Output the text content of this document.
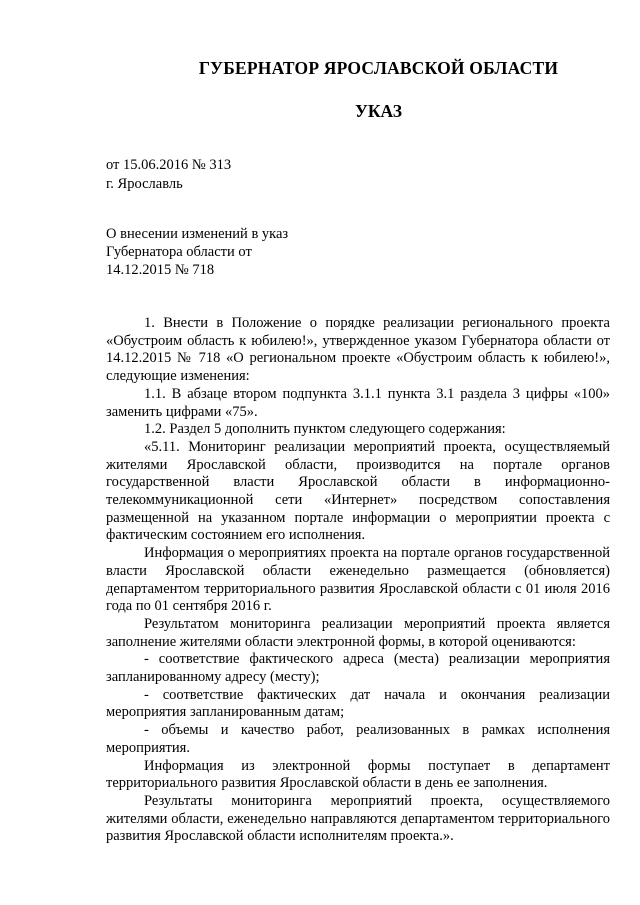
ГУБЕРНАТОР ЯРОСЛАВСКОЙ ОБЛАСТИ
УКАЗ
от 15.06.2016 № 313
г. Ярославль
О внесении изменений в указ
Губернатора области от
14.12.2015 № 718

1. Внести в Положение о порядке реализации регионального проекта «Обустроим область к юбилею!», утвержденное указом Губернатора области от 14.12.2015 № 718 «О региональном проекте «Обустроим область к юбилею!», следующие изменения:

1.1. В абзаце втором подпункта 3.1.1 пункта 3.1 раздела 3 цифры «100» заменить цифрами «75».

1.2. Раздел 5 дополнить пунктом следующего содержания:

«5.11. Мониторинг реализации мероприятий проекта, осуществляемый жителями Ярославской области, производится на портале органов государственной власти Ярославской области в информационно-телекоммуникационной сети «Интернет» посредством сопоставления размещенной на указанном портале информации о мероприятии проекта с фактическим состоянием его исполнения.

Информация о мероприятиях проекта на портале органов государственной власти Ярославской области еженедельно размещается (обновляется) департаментом территориального развития Ярославской области с 01 июля 2016 года по 01 сентября 2016 г.

Результатом мониторинга реализации мероприятий проекта является заполнение жителями области электронной формы, в которой оцениваются:

- соответствие фактического адреса (места) реализации мероприятия запланированному адресу (месту);

- соответствие фактических дат начала и окончания реализации мероприятия запланированным датам;

- объемы и качество работ, реализованных в рамках исполнения мероприятия.

Информация из электронной формы поступает в департамент территориального развития Ярославской области в день ее заполнения.

Результаты мониторинга мероприятий проекта, осуществляемого жителями области, еженедельно направляются департаментом территориального развития Ярославской области исполнителям проекта.».
